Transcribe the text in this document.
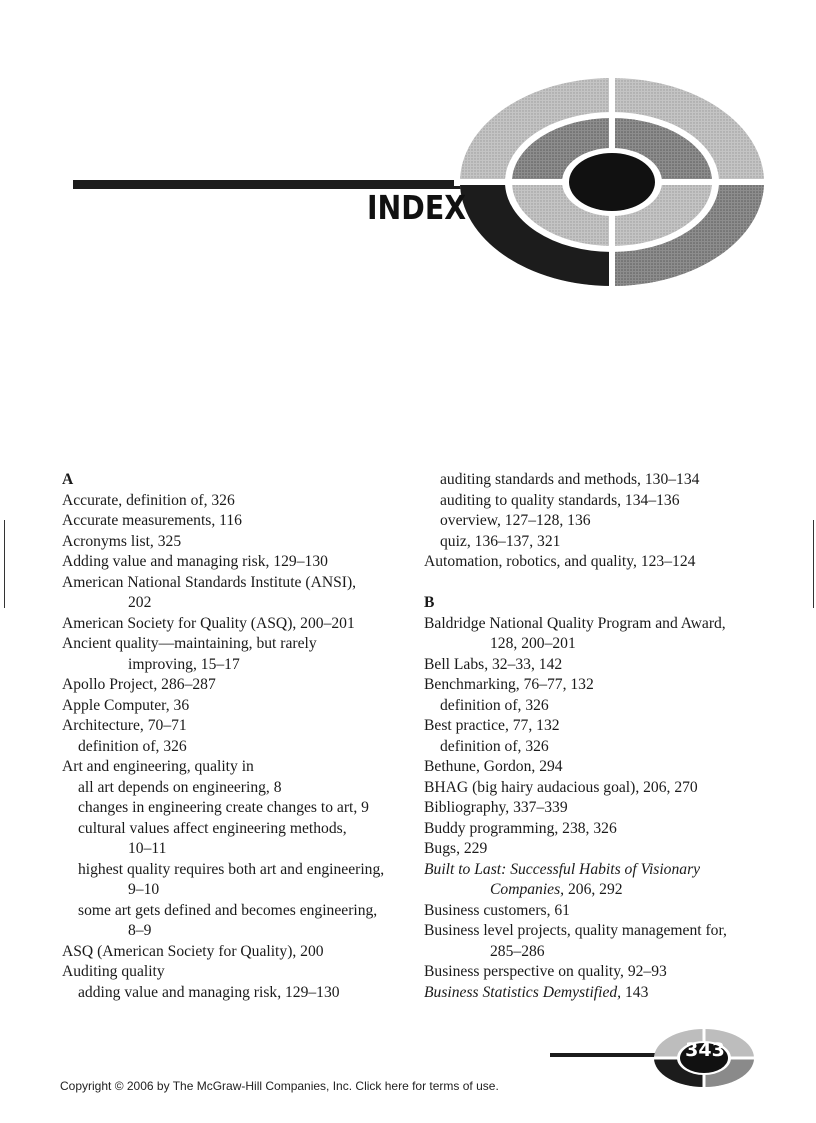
INDEX
A
Accurate, definition of, 326
Accurate measurements, 116
Acronyms list, 325
Adding value and managing risk, 129–130
American National Standards Institute (ANSI),
202
American Society for Quality (ASQ), 200–201
Ancient quality—maintaining, but rarely
improving, 15–17
Apollo Project, 286–287
Apple Computer, 36
Architecture, 70–71
definition of, 326
Art and engineering, quality in
all art depends on engineering, 8
changes in engineering create changes to art, 9
cultural values affect engineering methods,
10–11
highest quality requires both art and engineering,
9–10
some art gets defined and becomes engineering,
8–9
ASQ (American Society for Quality), 200
Auditing quality
adding value and managing risk, 129–130
auditing standards and methods, 130–134
auditing to quality standards, 134–136
overview, 127–128, 136
quiz, 136–137, 321
Automation, robotics, and quality, 123–124
B
Baldridge National Quality Program and Award,
128, 200–201
Bell Labs, 32–33, 142
Benchmarking, 76–77, 132
definition of, 326
Best practice, 77, 132
definition of, 326
Bethune, Gordon, 294
BHAG (big hairy audacious goal), 206, 270
Bibliography, 337–339
Buddy programming, 238, 326
Bugs, 229
Built to Last: Successful Habits of Visionary
Companies, 206, 292
Business customers, 61
Business level projects, quality management for,
285–286
Business perspective on quality, 92–93
Business Statistics Demystified, 143
343
Copyright © 2006 by The McGraw-Hill Companies, Inc. Click here for terms of use.
